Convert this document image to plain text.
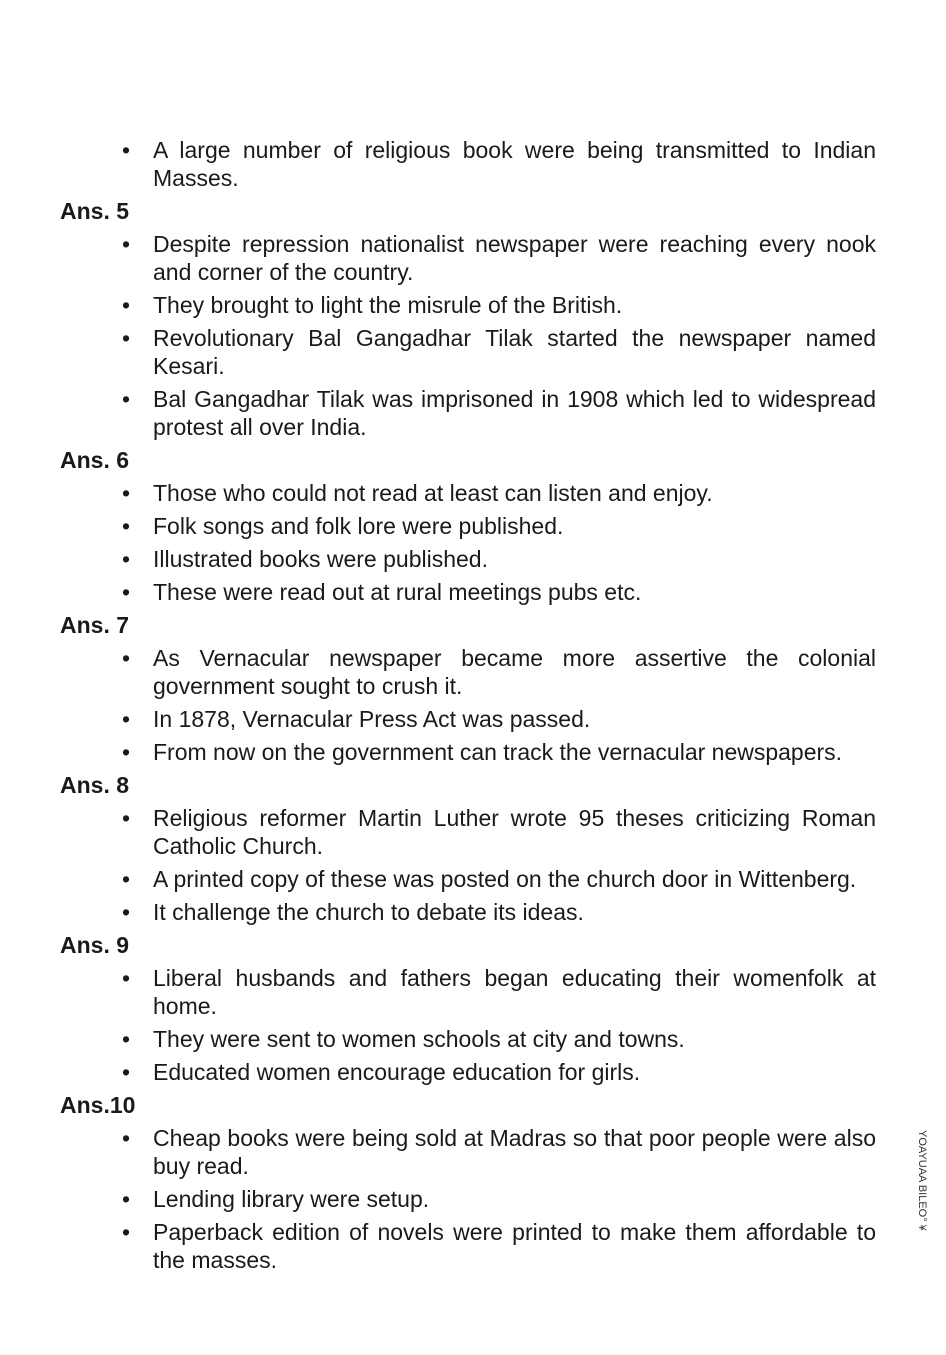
• A large number of religious book were being transmitted to Indian Masses.
Ans. 5
• Despite repression nationalist newspaper were reaching every nook and corner of the country.
• They brought to light the misrule of the British.
• Revolutionary Bal Gangadhar Tilak started the newspaper named Kesari.
• Bal Gangadhar Tilak was imprisoned in 1908 which led to widespread protest all over India.
Ans. 6
• Those who could not read at least can listen and enjoy.
• Folk songs and folk lore were published.
• Illustrated books were published.
• These were read out at rural meetings pubs etc.
Ans. 7
• As Vernacular newspaper became more assertive the colonial government sought to crush it.
• In 1878, Vernacular Press Act was passed.
• From now on the government can track the vernacular newspapers.
Ans. 8
• Religious reformer Martin Luther wrote 95 theses criticizing Roman Catholic Church.
• A printed copy of these was posted on the church door in Wittenberg.
• It challenge the church to debate its ideas.
Ans. 9
• Liberal husbands and fathers began educating their womenfolk at home.
• They were sent to women schools at city and towns.
• Educated women encourage education for girls.
Ans.10
• Cheap books were being sold at Madras so that poor people were also buy read.
• Lending library were setup.
• Paperback edition of novels were printed to make them affordable to the masses.
YOAYUAA BILEO° ¥
